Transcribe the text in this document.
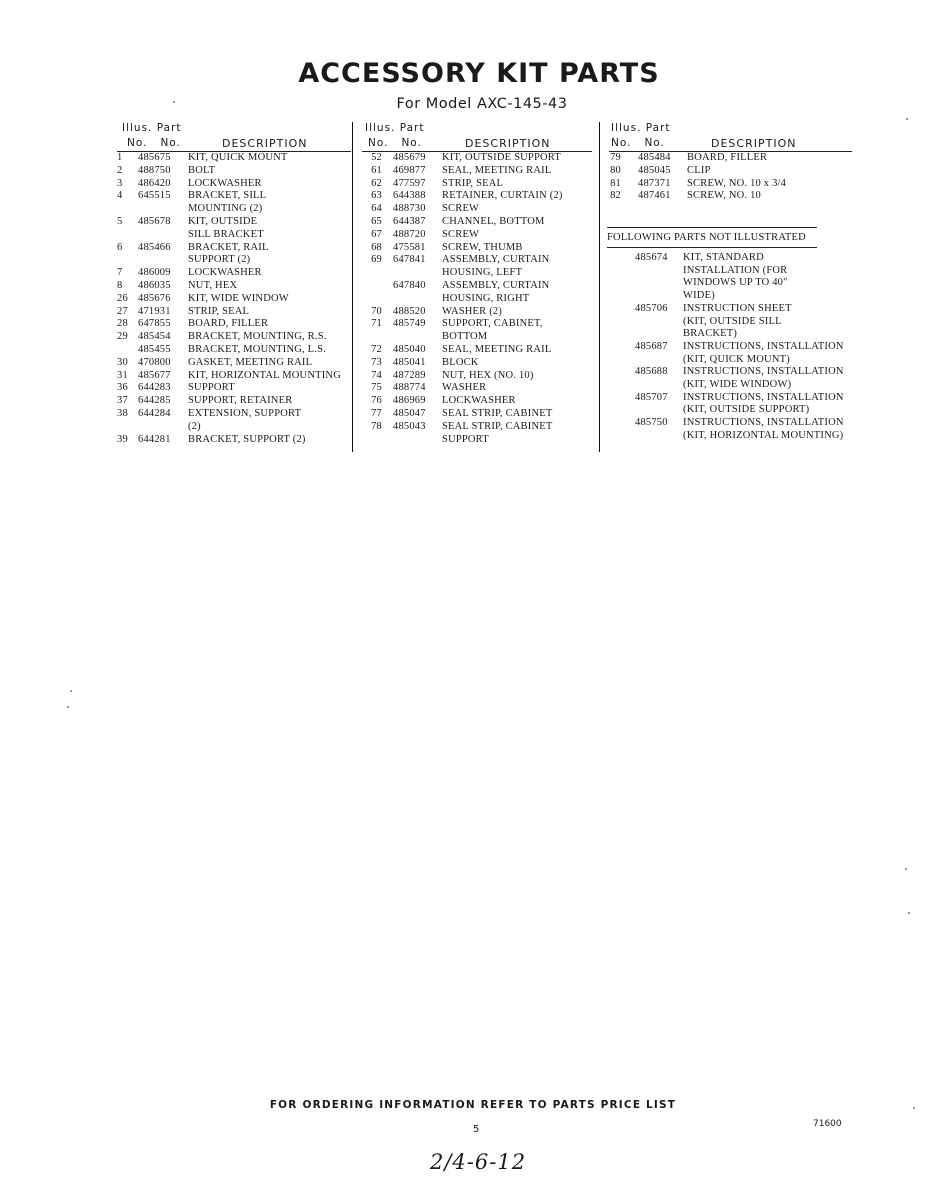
ACCESSORY KIT PARTS
For Model AXC-145-43
Illus. Part
No.   No.	DESCRIPTION
1	485675 KIT, QUICK MOUNT
2	488750 BOLT
3	486420 LOCKWASHER
4	645515 BRACKET, SILL
MOUNTING (2)
5	485678 KIT, OUTSIDE
SILL BRACKET
6	485466 BRACKET, RAIL
SUPPORT (2)
7	486009 LOCKWASHER
8	486035 NUT, HEX
26 485676 KIT, WIDE WINDOW
27 471931 STRIP, SEAL
28 647855 BOARD, FILLER
29 485454 BRACKET, MOUNTING, R.S.
485455 BRACKET, MOUNTING, L.S.
30 470800 GASKET, MEETING RAIL
31 485677 KIT, HORIZONTAL MOUNTING
36 644283 SUPPORT
37 644285 SUPPORT, RETAINER
38 644284 EXTENSION, SUPPORT
(2)
39 644281 BRACKET, SUPPORT (2)
Illus. Part
No.   No.	DESCRIPTION
52 485679 KIT, OUTSIDE SUPPORT
61 469877 SEAL, MEETING RAIL
62 477597 STRIP, SEAL
63 644388 RETAINER, CURTAIN (2)
64 488730 SCREW
65 644387 CHANNEL, BOTTOM
67 488720 SCREW
68 475581 SCREW, THUMB
69 647841 ASSEMBLY, CURTAIN
HOUSING, LEFT
647840 ASSEMBLY, CURTAIN
HOUSING, RIGHT
70 488520 WASHER (2)
71 485749 SUPPORT, CABINET,
BOTTOM
72 485040 SEAL, MEETING RAIL
73 485041 BLOCK
74 487289 NUT, HEX (NO. 10)
75 488774 WASHER
76 486969 LOCKWASHER
77 485047 SEAL STRIP, CABINET
78 485043 SEAL STRIP, CABINET
SUPPORT
Illus. Part
No.   No.	DESCRIPTION
79 485484 BOARD, FILLER
80 485045 CLIP
81 487371 SCREW, NO. 10 x 3/4
82 487461 SCREW, NO. 10
FOLLOWING PARTS NOT ILLUSTRATED
485674 KIT, STANDARD
INSTALLATION (FOR
WINDOWS UP TO 40"
WIDE)
485706 INSTRUCTION SHEET
(KIT, OUTSIDE SILL
BRACKET)
485687 INSTRUCTIONS, INSTALLATION
(KIT, QUICK MOUNT)
485688 INSTRUCTIONS, INSTALLATION
(KIT, WIDE WINDOW)
485707 INSTRUCTIONS, INSTALLATION
(KIT, OUTSIDE SUPPORT)
485750 INSTRUCTIONS, INSTALLATION
(KIT, HORIZONTAL MOUNTING)
FOR ORDERING INFORMATION REFER TO PARTS PRICE LIST
5	71600
2/4-6-12
